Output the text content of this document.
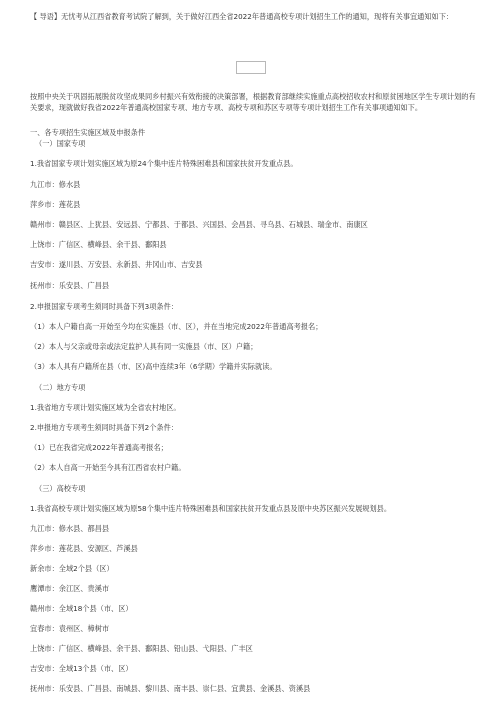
【 导语】无忧考从江西省教育考试院了解到，关于做好江西全省2022年普通高校专项计划招生工作的通知，现将有关事宜通知如下：
按照中央关于巩固拓展脱贫攻坚成果同乡村振兴有效衔接的决策部署，根据教育部继续实施重点高校招收农村和原贫困地区学生专项计划的有关要求，现就做好我省2022年普通高校国家专项、地方专项、高校专项和苏区专项等专项计划招生工作有关事项通知如下。
一、各专项招生实施区域及申报条件
（一）国家专项
1.我省国家专项计划实施区域为原24个集中连片特殊困难县和国家扶贫开发重点县。
九江市：修水县
萍乡市：莲花县
赣州市：赣县区、上犹县、安远县、宁都县、于都县、兴国县、会昌县、寻乌县、石城县、瑞金市、南康区
上饶市：广信区、横峰县、余干县、鄱阳县
吉安市：遂川县、万安县、永新县、井冈山市、吉安县
抚州市：乐安县、广昌县
2.申报国家专项考生须同时具备下列3项条件：
（1）本人户籍自高一开始至今均在实施县（市、区），并在当地完成2022年普通高考报名；
（2）本人与父亲或母亲或法定监护人具有同一实施县（市、区）户籍；
（3）本人具有户籍所在县（市、区)高中连续3年（6学期）学籍并实际就读。
（二）地方专项
1.我省地方专项计划实施区域为全省农村地区。
2.申报地方专项考生须同时具备下列2个条件：
（1）已在我省完成2022年普通高考报名；
（2）本人自高一开始至今具有江西省农村户籍。
（三）高校专项
1.我省高校专项计划实施区域为原58个集中连片特殊困难县和国家扶贫开发重点县及原中央苏区振兴发展规划县。
九江市：修水县、都昌县
萍乡市：莲花县、安源区、芦溪县
新余市：全域2个县（区）
鹰潭市：余江区、贵溪市
赣州市：全域18个县（市、区）
宜春市：袁州区、樟树市
上饶市：广信区、横峰县、余干县、鄱阳县、铅山县、弋阳县、广丰区
吉安市：全域13个县（市、区）
抚州市：乐安县、广昌县、南城县、黎川县、南丰县、崇仁县、宜黄县、金溪县、资溪县
